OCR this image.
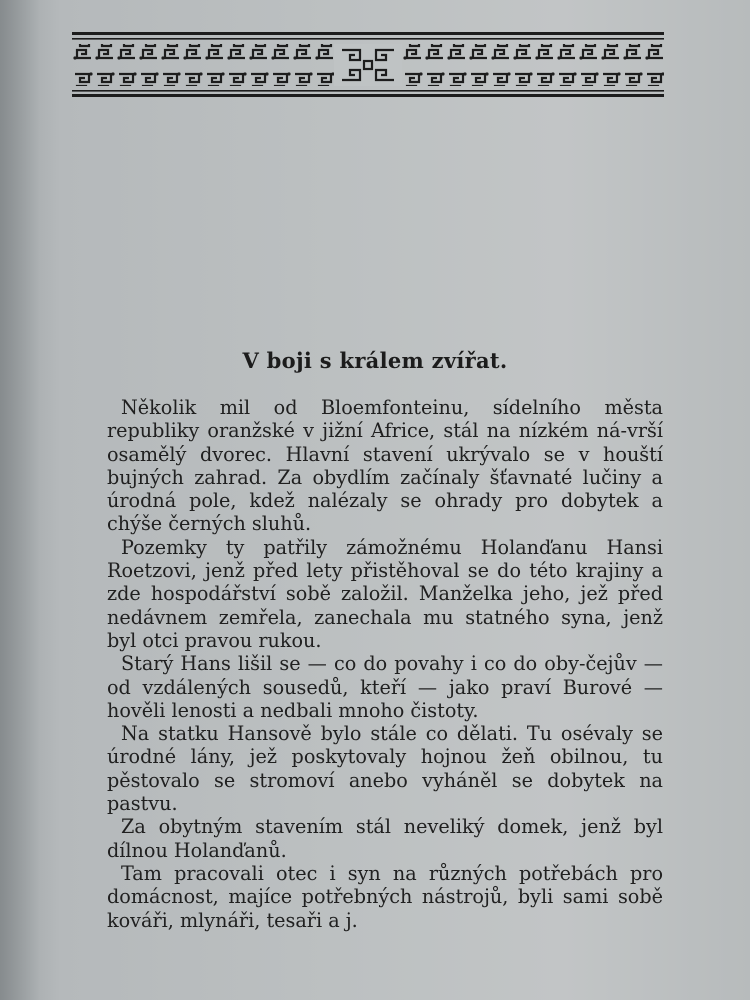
V boji s králem zvířat.

Několik mil od Bloemfonteinu, sídelního města republiky oranžské v jižní Africe, stál na nízkém ná-vrší osamělý dvorec. Hlavní stavení ukrývalo se v houští bujných zahrad. Za obydlím začínaly šťavnaté lučiny a úrodná pole, kdež nalézaly se ohrady pro dobytek a chýše černých sluhů.

Pozemky ty patřily zámožnému Holanďanu Hansi Roetzovi, jenž před lety přistěhoval se do této krajiny a zde hospodářství sobě založil. Manželka jeho, jež před nedávnem zemřela, zanechala mu statného syna, jenž byl otci pravou rukou.

Starý Hans lišil se — co do povahy i co do oby-čejův — od vzdálených sousedů, kteří — jako praví Burové — hověli lenosti a nedbali mnoho čistoty.

Na statku Hansově bylo stále co dělati. Tu osévaly se úrodné lány, jež poskytovaly hojnou žeň obilnou, tu pěstovalo se stromoví anebo vyháněl se dobytek na pastvu.

Za obytným stavením stál neveliký domek, jenž byl dílnou Holanďanů.

Tam pracovali otec i syn na různých potřebách pro domácnost, majíce potřebných nástrojů, byli sami sobě kováři, mlynáři, tesaři a j.
